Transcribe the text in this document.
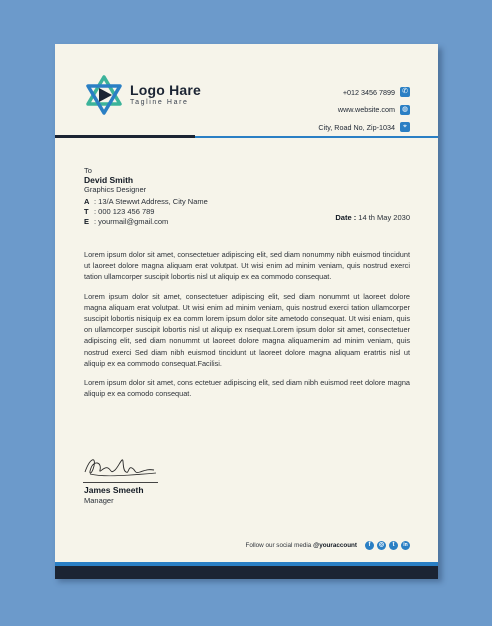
Logo Hare
Tagline Hare
+012 3456 7899 ✆
www.website.com ◍
City, Road No, Zip-1034	⌖
To
Devid Smith
Graphics Designer
A : 13/A Stewwt Address, City Name
T : 000 123 456 789
E : yourmail@gmail.com	Date : 14 th May 2030

Lorem ipsum dolor sit amet, consectetuer adipiscing elit, sed diam nonummy nibh euismod tincidunt ut laoreet dolore magna aliquam erat volutpat. Ut wisi enim ad minim veniam, quis nostrud exerci tation ullamcorper suscipit lobortis nisl ut aliquip ex ea commodo consequat.

Lorem ipsum dolor sit amet, consectetuer adipiscing elit, sed diam nonummt ut laoreet dolore magna aliquam erat volutpat. Ut wisi enim ad minim veniam, quis nostrud exerci tation ullamcorper suscipit lobortis nisiquip ex ea comm lorem ipsum dolor site ametodo consequat. Ut wisi eniam, quis on ullamcorper suscipit lobortis nisl ut aliquip ex nsequat.Lorem ipsum dolor sit amet, consectetuer adipiscing elit, sed diam nonummt ut laoreet dolore magna aliquamenim ad minim veniam, quis nostrud exerci Sed diam nibh euismod tincidunt ut laoreet dolore magna aliquam eratrtis nisl ut aliquip ex ea commodo consequat.Facilisi.

Lorem ipsum dolor sit amet, cons ectetuer adipiscing elit, sed diam nibh euismod reet dolore magna aliquip ex ea comodo consequat.

James Smeeth
Manager
Follow our social media @youraccount	f	◎	t	in
